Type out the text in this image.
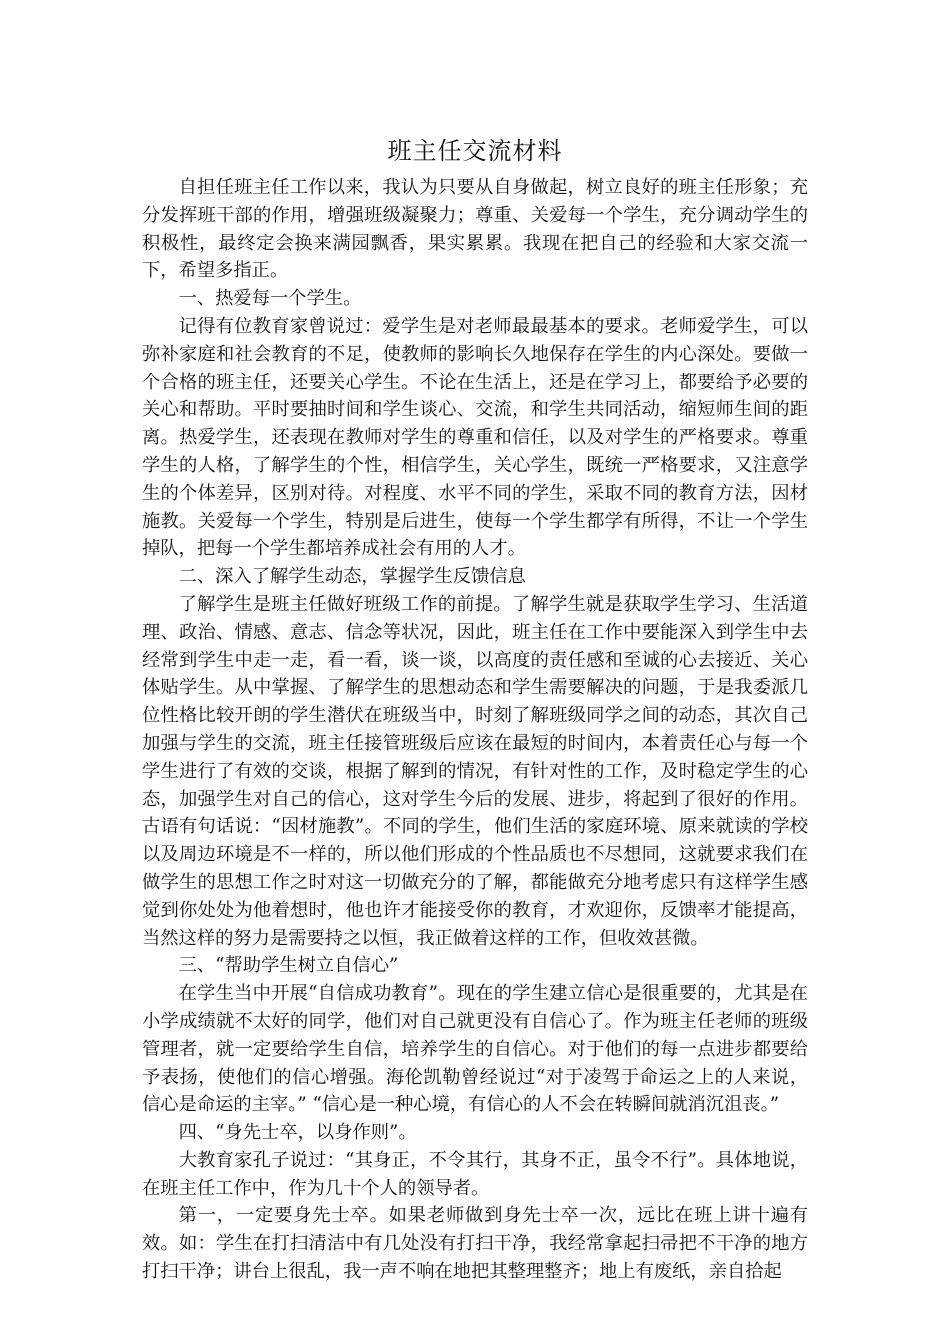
班主任交流材料

自担任班主任工作以来，我认为只要从自身做起，树立良好的班主任形象；充分发挥班干部的作用，增强班级凝聚力；尊重、关爱每一个学生，充分调动学生的积极性，最终定会换来满园飘香，果实累累。我现在把自己的经验和大家交流一下，希望多指正。

一、热爱每一个学生。

记得有位教育家曾说过：爱学生是对老师最最基本的要求。老师爱学生，可以弥补家庭和社会教育的不足，使教师的影响长久地保存在学生的内心深处。要做一个合格的班主任，还要关心学生。不论在生活上，还是在学习上，都要给予必要的关心和帮助。平时要抽时间和学生谈心、交流，和学生共同活动，缩短师生间的距离。热爱学生，还表现在教师对学生的尊重和信任，以及对学生的严格要求。尊重学生的人格，了解学生的个性，相信学生，关心学生，既统一严格要求，又注意学生的个体差异，区别对待。对程度、水平不同的学生，采取不同的教育方法，因材施教。关爱每一个学生，特别是后进生，使每一个学生都学有所得，不让一个学生掉队，把每一个学生都培养成社会有用的人才。

二、深入了解学生动态，掌握学生反馈信息

了解学生是班主任做好班级工作的前提。了解学生就是获取学生学习、生活道理、政治、情感、意志、信念等状况，因此，班主任在工作中要能深入到学生中去经常到学生中走一走，看一看，谈一谈，以高度的责任感和至诚的心去接近、关心体贴学生。从中掌握、了解学生的思想动态和学生需要解决的问题，于是我委派几位性格比较开朗的学生潜伏在班级当中，时刻了解班级同学之间的动态，其次自己加强与学生的交流，班主任接管班级后应该在最短的时间内，本着责任心与每一个学生进行了有效的交谈，根据了解到的情况，有针对性的工作，及时稳定学生的心态，加强学生对自己的信心，这对学生今后的发展、进步，将起到了很好的作用。古语有句话说：“因材施教”。不同的学生，他们生活的家庭环境、原来就读的学校以及周边环境是不一样的，所以他们形成的个性品质也不尽想同，这就要求我们在做学生的思想工作之时对这一切做充分的了解，都能做充分地考虑只有这样学生感觉到你处处为他着想时，他也许才能接受你的教育，才欢迎你，反馈率才能提高，当然这样的努力是需要持之以恒，我正做着这样的工作，但收效甚微。

三、“帮助学生树立自信心”

在学生当中开展“自信成功教育”。现在的学生建立信心是很重要的，尤其是在小学成绩就不太好的同学，他们对自己就更没有自信心了。作为班主任老师的班级管理者，就一定要给学生自信，培养学生的自信心。对于他们的每一点进步都要给予表扬，使他们的信心增强。海伦凯勒曾经说过“对于凌驾于命运之上的人来说，信心是命运的主宰。” “信心是一种心境，有信心的人不会在转瞬间就消沉沮丧。”

四、“身先士卒，以身作则”。

大教育家孔子说过：“其身正，不令其行，其身不正，虽令不行”。具体地说，在班主任工作中，作为几十个人的领导者。

第一，一定要身先士卒。如果老师做到身先士卒一次，远比在班上讲十遍有效。如：学生在打扫清洁中有几处没有打扫干净，我经常拿起扫帚把不干净的地方打扫干净；讲台上很乱，我一声不响在地把其整理整齐；地上有废纸，亲自拾起
